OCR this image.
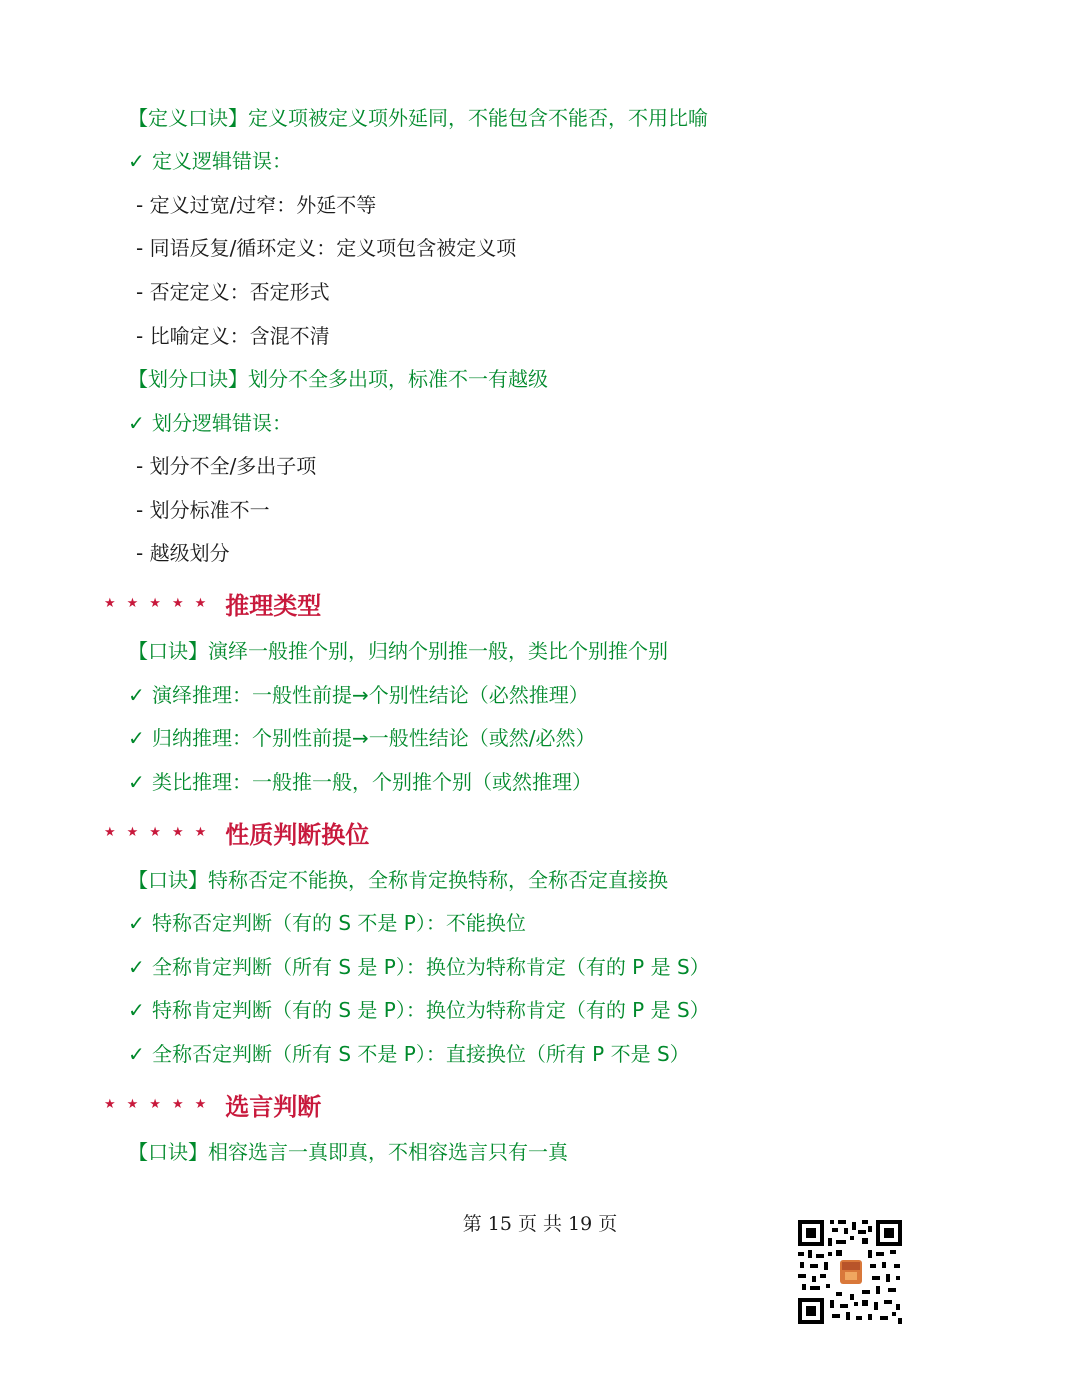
【定义口诀】定义项被定义项外延同，不能包含不能否，不用比喻
✓ 定义逻辑错误：
- 定义过宽/过窄：外延不等
- 同语反复/循环定义：定义项包含被定义项
- 否定定义：否定形式
- 比喻定义：含混不清
【划分口诀】划分不全多出项，标准不一有越级
✓ 划分逻辑错误：
- 划分不全/多出子项
- 划分标准不一
- 越级划分
★★★★★ 推理类型
【口诀】演绎一般推个别，归纳个别推一般，类比个别推个别
✓ 演绎推理：一般性前提→个别性结论（必然推理）
✓ 归纳推理：个别性前提→一般性结论（或然/必然）
✓ 类比推理：一般推一般，个别推个别（或然推理）
★★★★★ 性质判断换位
【口诀】特称否定不能换，全称肯定换特称，全称否定直接换
✓ 特称否定判断（有的 S 不是 P）：不能换位
✓ 全称肯定判断（所有 S 是 P）：换位为特称肯定（有的 P 是 S）
✓ 特称肯定判断（有的 S 是 P）：换位为特称肯定（有的 P 是 S）
✓ 全称否定判断（所有 S 不是 P）：直接换位（所有 P 不是 S）
★★★★★ 选言判断
【口诀】相容选言一真即真，不相容选言只有一真
第 15 页 共 19 页
